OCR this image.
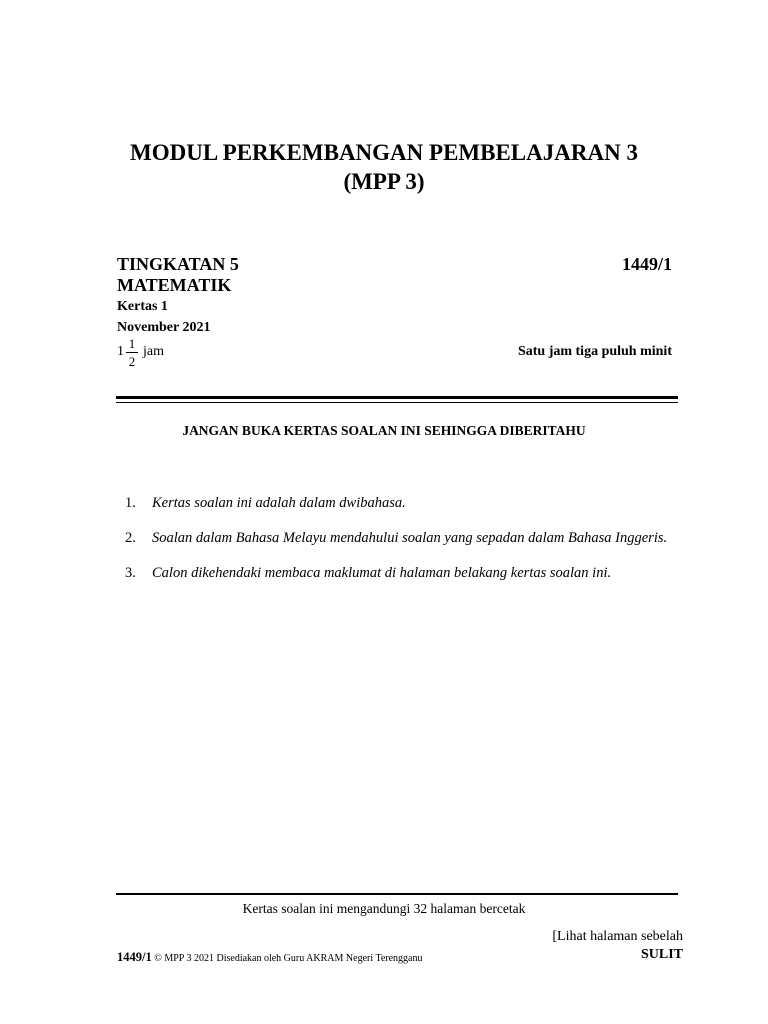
MODUL PERKEMBANGAN PEMBELAJARAN 3
(MPP 3)
TINGKATAN 5
MATEMATIK
Kertas 1
November 2021
1449/1
1
1
2
jam	Satu jam tiga puluh minit
JANGAN BUKA KERTAS SOALAN INI SEHINGGA DIBERITAHU
1. Kertas soalan ini adalah dalam dwibahasa.
2. Soalan dalam Bahasa Melayu mendahului soalan yang sepadan dalam Bahasa Inggeris.
3. Calon dikehendaki membaca maklumat di halaman belakang kertas soalan ini.
Kertas soalan ini mengandungi 32 halaman bercetak
[Lihat halaman sebelah
1449/1 © MPP 3 2021 Disediakan oleh Guru AKRAM Negeri Terengganu	SULIT
